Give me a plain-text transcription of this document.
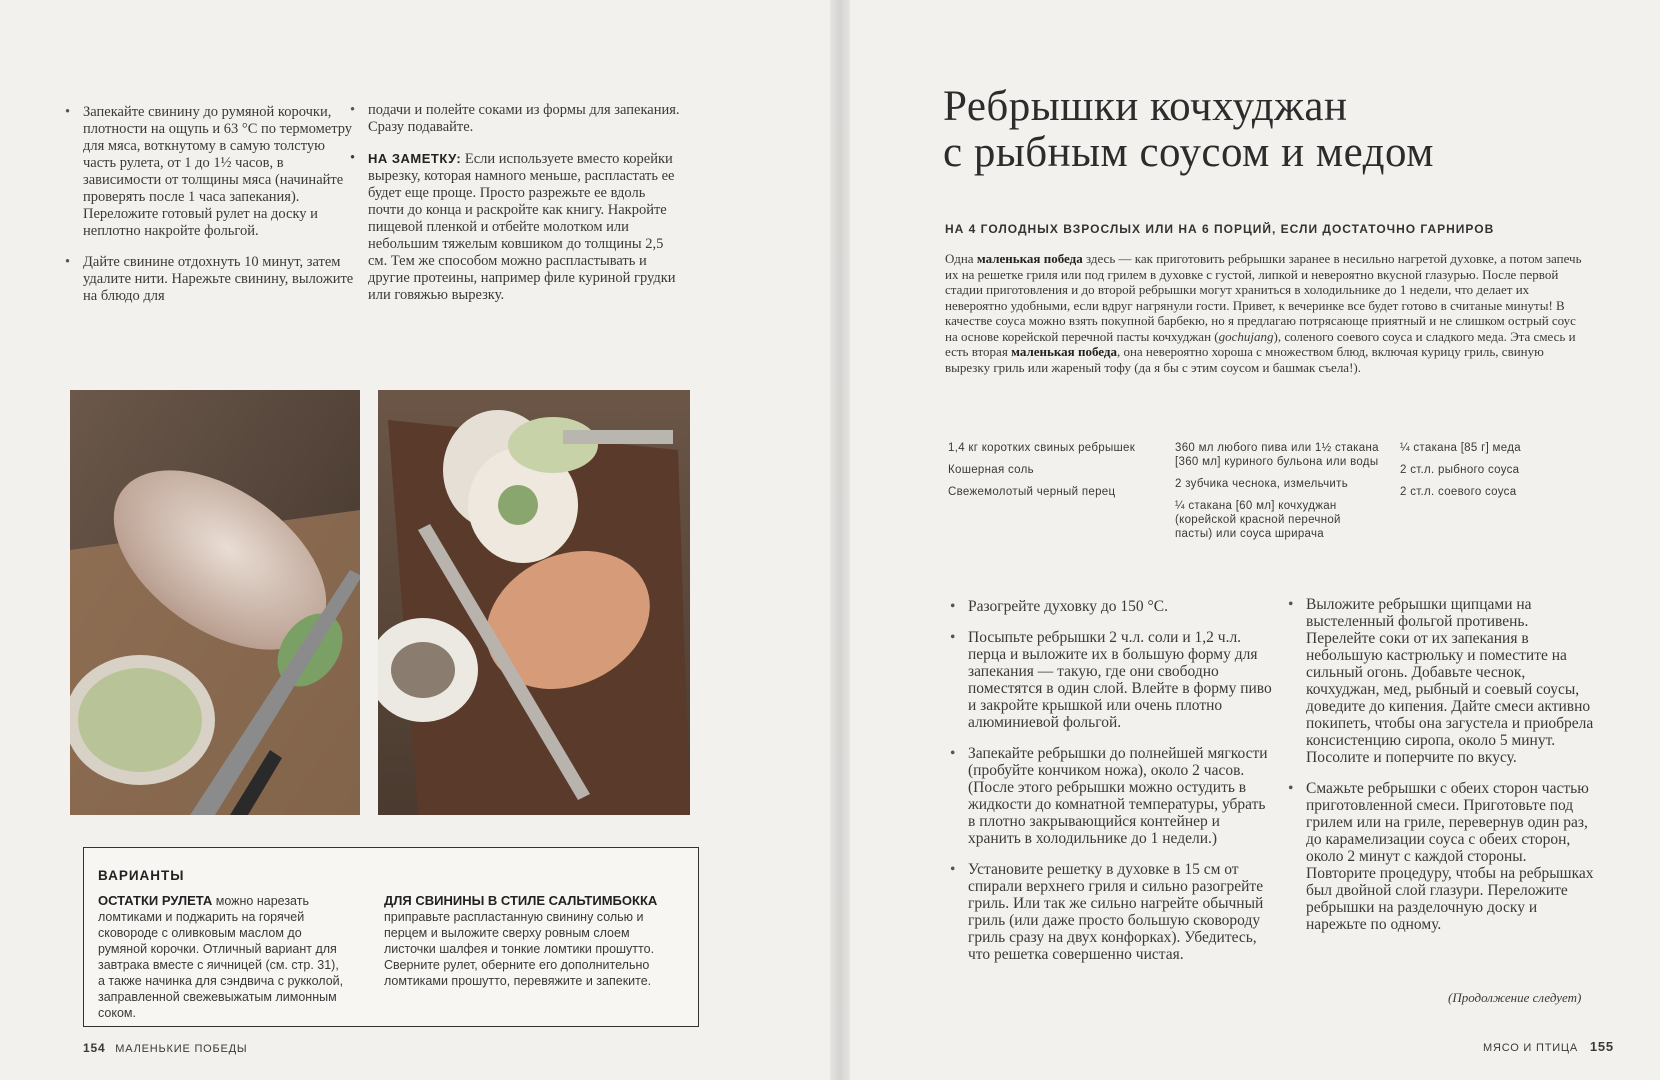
• Запекайте свинину до румяной корочки, плотности на ощупь и 63 °С по термометру для мяса, воткнутому в самую толстую часть рулета, от 1 до 1½ часов, в зависимости от толщины мяса (начинайте проверять после 1 часа запекания). Переложите готовый рулет на доску и неплотно накройте фольгой.
• Дайте свинине отдохнуть 10 минут, затем удалите нити. Нарежьте свинину, выложите на блюдо для
• подачи и полейте соками из формы для запекания. Сразу подавайте.
• НА ЗАМЕТКУ: Если используете вместо корейки вырезку, которая намного меньше, распластать ее будет еще проще. Просто разрежьте ее вдоль почти до конца и раскройте как книгу. Накройте пищевой пленкой и отбейте молотком или небольшим тяжелым ковшиком до толщины 2,5 см. Тем же способом можно распластывать и другие протеины, например филе куриной грудки или говяжью вырезку.
ВАРИАНТЫ
ОСТАТКИ РУЛЕТА можно нарезать ломтиками и поджарить на горячей сковороде с оливковым маслом до румяной корочки. Отличный вариант для завтрака вместе с яичницей (см. стр. 31), а также начинка для сэндвича с рукколой, заправленной свежевыжатым лимонным соком.
ДЛЯ СВИНИНЫ В СТИЛЕ САЛЬТИМБОККА приправьте распластанную свинину солью и перцем и выложите сверху ровным слоем листочки шалфея и тонкие ломтики прошутто. Сверните рулет, оберните его дополнительно ломтиками прошутто, перевяжите и запеките.
154 МАЛЕНЬКИЕ ПОБЕДЫ
Ребрышки кочхуджан
с рыбным соусом и медом
НА 4 ГОЛОДНЫХ ВЗРОСЛЫХ ИЛИ НА 6 ПОРЦИЙ, ЕСЛИ ДОСТАТОЧНО ГАРНИРОВ
Одна маленькая победа здесь — как приготовить ребрышки заранее в несильно нагретой духовке, а потом запечь их на решетке гриля или под грилем в духовке с густой, липкой и невероятно вкусной глазурью. После первой стадии приготовления и до второй ребрышки могут храниться в холодильнике до 1 недели, что делает их невероятно удобными, если вдруг нагрянули гости. Привет, к вечеринке все будет готово в считаные минуты! В качестве соуса можно взять покупной барбекю, но я предлагаю потрясающе приятный и не слишком острый соус на основе корейской перечной пасты кочхуджан (gochujang), соленого соевого соуса и сладкого меда. Эта смесь и есть вторая маленькая победа, она невероятно хороша с множеством блюд, включая курицу гриль, свиную вырезку гриль или жареный тофу (да я бы с этим соусом и башмак съела!).

1,4 кг коротких свиных ребрышек

Кошерная соль

Свежемолотый черный перец

360 мл любого пива или 1½ стакана [360 мл] куриного бульона или воды

2 зубчика чеснока, измельчить

¼ стакана [60 мл] кочхуджан (корейской красной перечной пасты) или соуса шрирача

¼ стакана [85 г] меда

2 ст.л. рыбного соуса

2 ст.л. соевого соуса

• Разогрейте духовку до 150 °С.
• Посыпьте ребрышки 2 ч.л. соли и 1,2 ч.л. перца и выложите их в большую форму для запекания — такую, где они свободно поместятся в один слой. Влейте в форму пиво и закройте крышкой или очень плотно алюминиевой фольгой.
• Запекайте ребрышки до полнейшей мягкости (пробуйте кончиком ножа), около 2 часов. (После этого ребрышки можно остудить в жидкости до комнатной температуры, убрать в плотно закрывающийся контейнер и хранить в холодильнике до 1 недели.)
• Установите решетку в духовке в 15 см от спирали верхнего гриля и сильно разогрейте гриль. Или так же сильно нагрейте обычный гриль (или даже просто большую сковороду гриль сразу на двух конфорках). Убедитесь, что решетка совершенно чистая.
• Выложите ребрышки щипцами на выстеленный фольгой противень. Перелейте соки от их запекания в небольшую кастрюльку и поместите на сильный огонь. Добавьте чеснок, кочхуджан, мед, рыбный и соевый соусы, доведите до кипения. Дайте смеси активно покипеть, чтобы она загустела и приобрела консистенцию сиропа, около 5 минут. Посолите и поперчите по вкусу.
• Смажьте ребрышки с обеих сторон частью приготовленной смеси. Приготовьте под грилем или на гриле, перевернув один раз, до карамелизации соуса с обеих сторон, около 2 минут с каждой стороны. Повторите процедуру, чтобы на ребрышках был двойной слой глазури. Переложите ребрышки на разделочную доску и нарежьте по одному.
(Продолжение следует)
МЯСО И ПТИЦА 155
